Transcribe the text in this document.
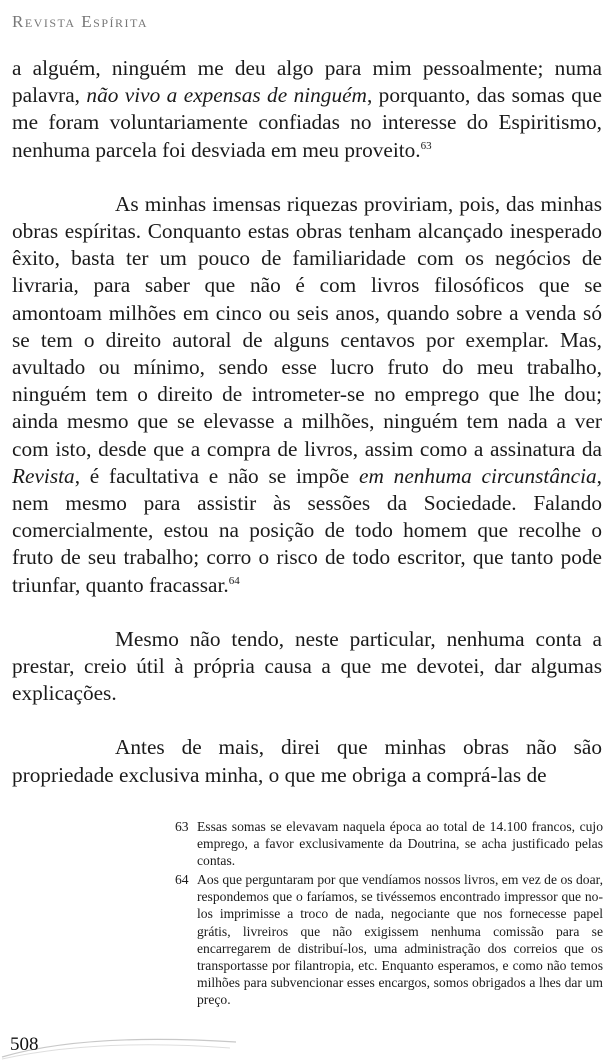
Revista Espírita

a alguém, ninguém me deu algo para mim pessoalmente; numa palavra, não vivo a expensas de ninguém, porquanto, das somas que me foram voluntariamente confiadas no interesse do Espiritismo, nenhuma parcela foi desviada em meu proveito.$^{63}$

As minhas imensas riquezas proviriam, pois, das minhas obras espíritas. Conquanto estas obras tenham alcançado inesperado êxito, basta ter um pouco de familiaridade com os negócios de livraria, para saber que não é com livros filosóficos que se amontoam milhões em cinco ou seis anos, quando sobre a venda só se tem o direito autoral de alguns centavos por exemplar. Mas, avultado ou mínimo, sendo esse lucro fruto do meu trabalho, ninguém tem o direito de intrometer-se no emprego que lhe dou; ainda mesmo que se elevasse a milhões, ninguém tem nada a ver com isto, desde que a compra de livros, assim como a assinatura da Revista, é facultativa e não se impõe em nenhuma circunstância, nem mesmo para assistir às sessões da Sociedade. Falando comercialmente, estou na posição de todo homem que recolhe o fruto de seu trabalho; corro o risco de todo escritor, que tanto pode triunfar, quanto fracassar.$^{64}$

Mesmo não tendo, neste particular, nenhuma conta a prestar, creio útil à própria causa a que me devotei, dar algumas explicações.

Antes de mais, direi que minhas obras não são propriedade exclusiva minha, o que me obriga a comprá-las de

63 Essas somas se elevavam naquela época ao total de 14.100 francos, cujo emprego, a favor exclusivamente da Doutrina, se acha justificado pelas contas.
64 Aos que perguntaram por que vendíamos nossos livros, em vez de os doar, respondemos que o faríamos, se tivéssemos encontrado impressor que no-los imprimisse a troco de nada, negociante que nos fornecesse papel grátis, livreiros que não exigissem nenhuma comissão para se encarregarem de distribuí-los, uma administração dos correios que os transportasse por filantropia, etc. Enquanto esperamos, e como não temos milhões para subvencionar esses encargos, somos obrigados a lhes dar um preço.
508
